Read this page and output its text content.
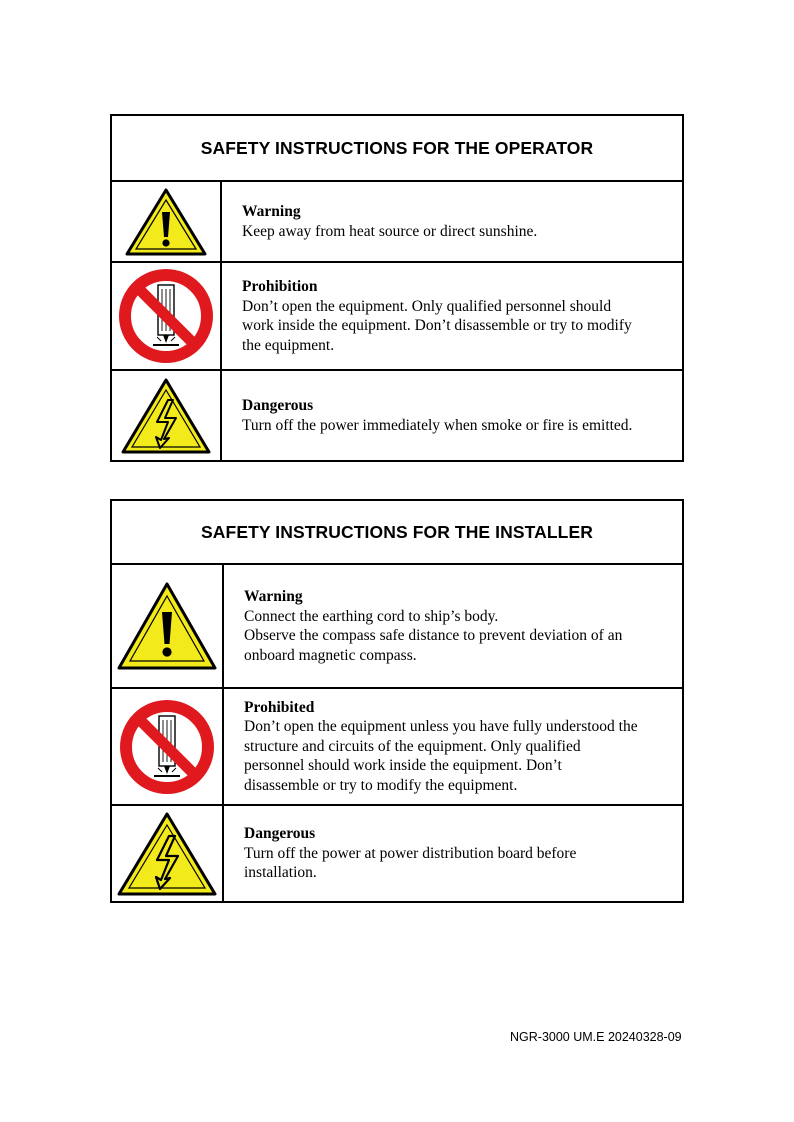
SAFETY INSTRUCTIONS FOR THE OPERATOR
Warning
Keep away from heat source or direct sunshine.
Prohibition
Don’t open the equipment. Only qualified personnel should
work inside the equipment. Don’t disassemble or try to modify
the equipment.
Dangerous
Turn off the power immediately when smoke or fire is emitted.
SAFETY INSTRUCTIONS FOR THE INSTALLER
Warning
Connect the earthing cord to ship’s body.
Observe the compass safe distance to prevent deviation of an
onboard magnetic compass.
Prohibited
Don’t open the equipment unless you have fully understood the
structure and circuits of the equipment. Only qualified
personnel should work inside the equipment. Don’t
disassemble or try to modify the equipment.
Dangerous
Turn off the power at power distribution board before
installation.
NGR-3000 UM.E 20240328-09
